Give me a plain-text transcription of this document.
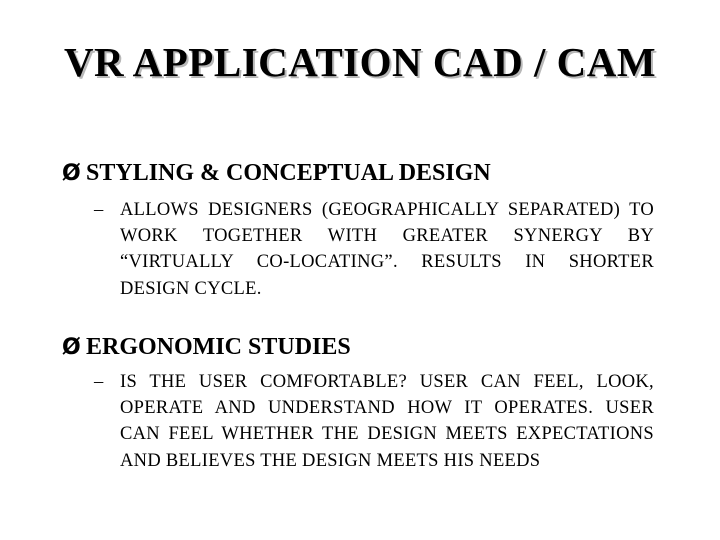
VR APPLICATION CAD / CAM
Ø STYLING & CONCEPTUAL DESIGN
– ALLOWS DESIGNERS (GEOGRAPHICALLY SEPARATED) TO WORK TOGETHER WITH GREATER SYNERGY BY “VIRTUALLY CO-LOCATING”. RESULTS IN SHORTER DESIGN CYCLE.
Ø ERGONOMIC STUDIES
– IS THE USER COMFORTABLE? USER CAN FEEL, LOOK, OPERATE AND UNDERSTAND HOW IT OPERATES. USER CAN FEEL WHETHER THE DESIGN MEETS EXPECTATIONS AND BELIEVES THE DESIGN MEETS HIS NEEDS
